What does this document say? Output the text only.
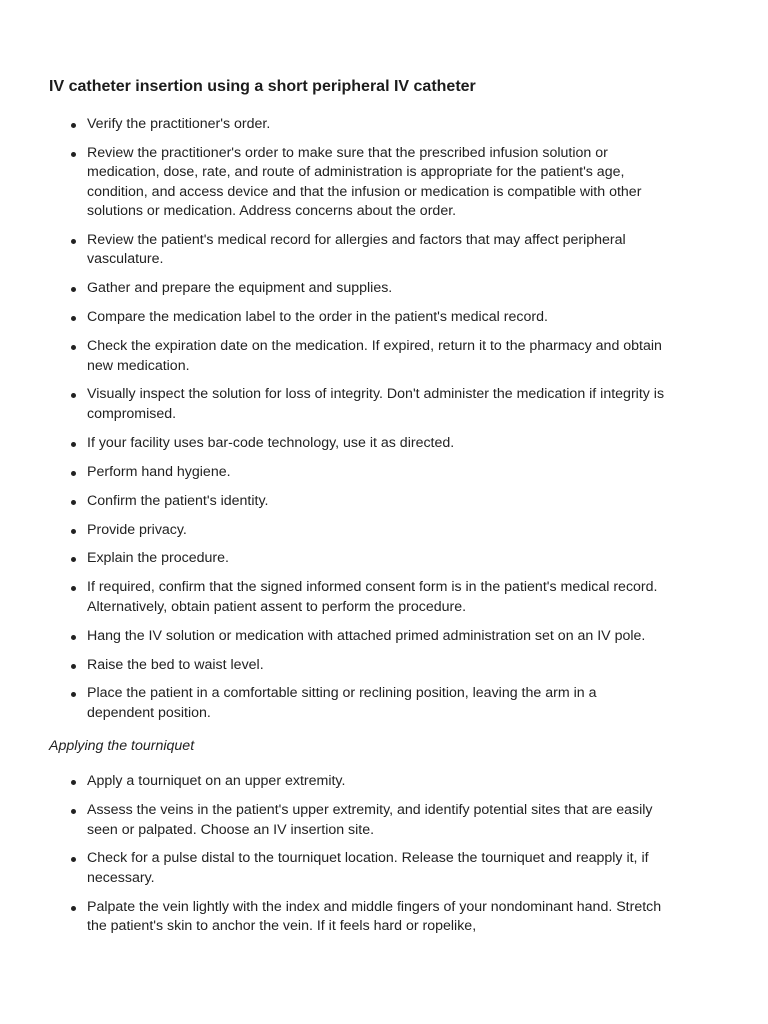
IV catheter insertion using a short peripheral IV catheter
Verify the practitioner's order.
Review the practitioner's order to make sure that the prescribed infusion solution or medication, dose, rate, and route of administration is appropriate for the patient's age, condition, and access device and that the infusion or medication is compatible with other solutions or medication. Address concerns about the order.
Review the patient's medical record for allergies and factors that may affect peripheral vasculature.
Gather and prepare the equipment and supplies.
Compare the medication label to the order in the patient's medical record.
Check the expiration date on the medication. If expired, return it to the pharmacy and obtain new medication.
Visually inspect the solution for loss of integrity. Don't administer the medication if integrity is compromised.
If your facility uses bar-code technology, use it as directed.
Perform hand hygiene.
Confirm the patient's identity.
Provide privacy.
Explain the procedure.
If required, confirm that the signed informed consent form is in the patient's medical record. Alternatively, obtain patient assent to perform the procedure.
Hang the IV solution or medication with attached primed administration set on an IV pole.
Raise the bed to waist level.
Place the patient in a comfortable sitting or reclining position, leaving the arm in a dependent position.
Applying the tourniquet
Apply a tourniquet on an upper extremity.
Assess the veins in the patient's upper extremity, and identify potential sites that are easily seen or palpated. Choose an IV insertion site.
Check for a pulse distal to the tourniquet location. Release the tourniquet and reapply it, if necessary.
Palpate the vein lightly with the index and middle fingers of your nondominant hand. Stretch the patient's skin to anchor the vein. If it feels hard or ropelike,
